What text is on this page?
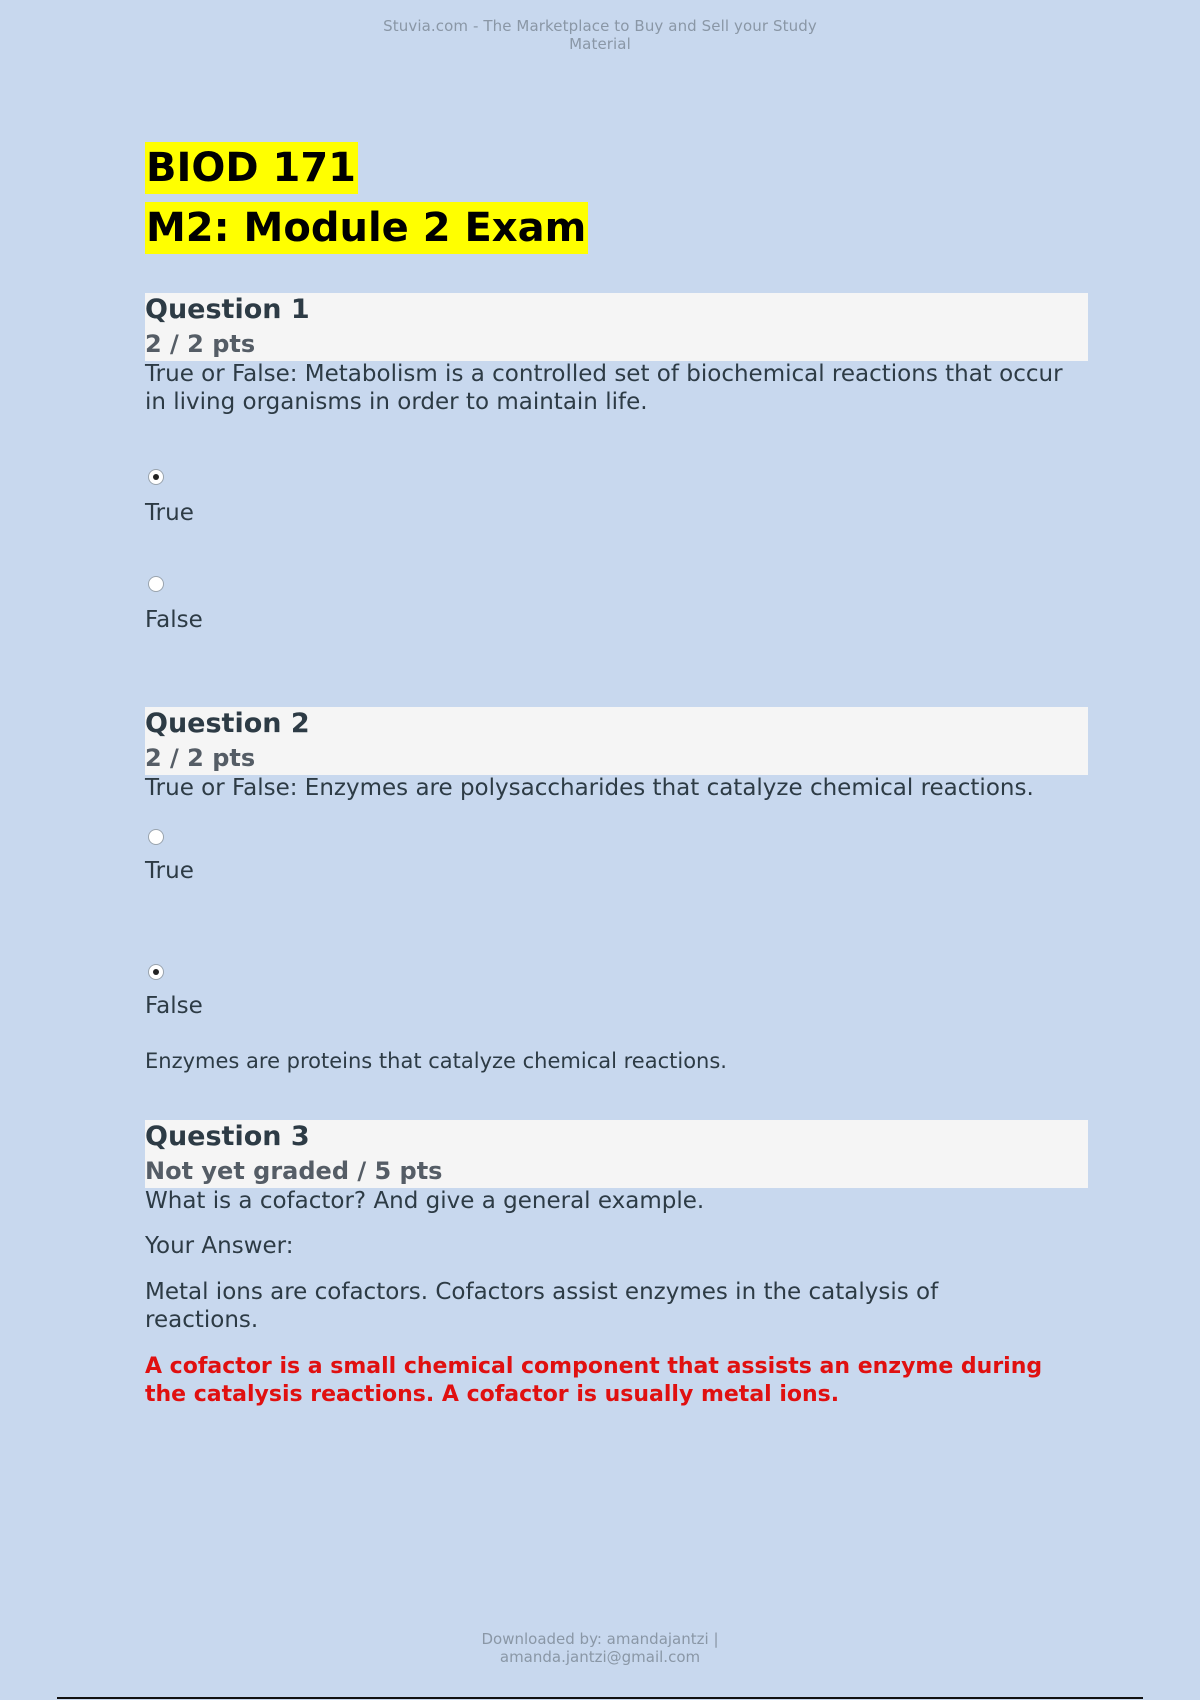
Stuvia.com - The Marketplace to Buy and Sell your Study
Material
BIOD 171
M2: Module 2 Exam
Question 1
2 / 2 pts
True or False: Metabolism is a controlled set of biochemical reactions that occur in living organisms in order to maintain life.
True
False
Question 2
2 / 2 pts
True or False: Enzymes are polysaccharides that catalyze chemical reactions.
True
False
Enzymes are proteins that catalyze chemical reactions.
Question 3
Not yet graded / 5 pts
What is a cofactor? And give a general example.
Your Answer:
Metal ions are cofactors. Cofactors assist enzymes in the catalysis of reactions.
A cofactor is a small chemical component that assists an enzyme during the catalysis reactions. A cofactor is usually metal ions.
Downloaded by: amandajantzi |
amanda.jantzi@gmail.com
